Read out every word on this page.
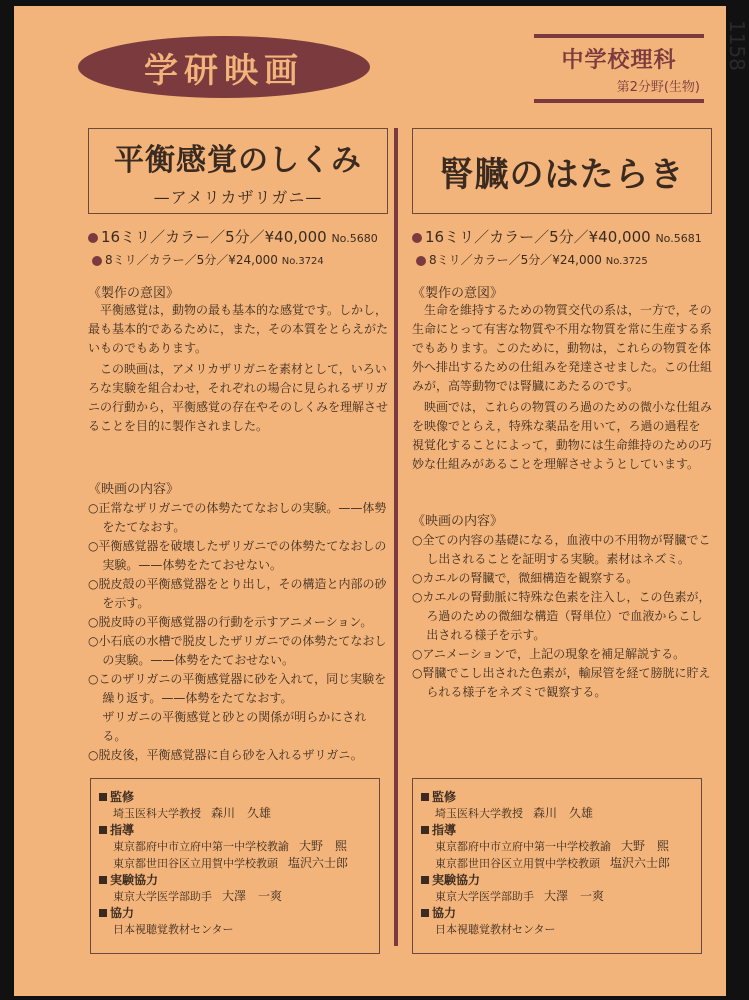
学研映画	中学校理科
第2分野(生物)
1158
平衡感覚のしくみ
—アメリカザリガニ—
16ミリ／カラー／5分／¥40,000 No.5680
8ミリ／カラー／5分／¥24,000 No.3724
《製作の意図》

平衡感覚は，動物の最も基本的な感覚です。しかし，最も基本的であるために，また，その本質をとらえがたいものでもあります。

この映画は，アメリカザリガニを素材として，いろいろな実験を組合わせ，それぞれの場合に見られるザリガニの行動から，平衡感覚の存在やそのしくみを理解させることを目的に製作されました。

《映画の内容》
○正常なザリガニでの体勢たてなおしの実験。——体勢をたてなおす。
○平衡感覚器を破壊したザリガニでの体勢たてなおしの実験。——体勢をたておせない。
○脱皮殻の平衡感覚器をとり出し，その構造と内部の砂を示す。
○脱皮時の平衡感覚器の行動を示すアニメーション。
○小石底の水槽で脱皮したザリガニでの体勢たてなおしの実験。——体勢をたておせない。
○このザリガニの平衡感覚器に砂を入れて，同じ実験を繰り返す。——体勢をたてなおす。
ザリガニの平衡感覚と砂との関係が明らかにされる。
○脱皮後，平衡感覚器に自ら砂を入れるザリガニ。
腎臓のはたらき
16ミリ／カラー／5分／¥40,000 No.5681
8ミリ／カラー／5分／¥24,000 No.3725
《製作の意図》

生命を維持するための物質交代の系は，一方で，その生命にとって有害な物質や不用な物質を常に生産する系でもあります。このために，動物は，これらの物質を体外へ排出するための仕組みを発達させました。この仕組みが，高等動物では腎臓にあたるのです。

映画では，これらの物質のろ過のための微小な仕組みを映像でとらえ，特殊な薬品を用いて，ろ過の過程を視覚化することによって，動物には生命維持のための巧妙な仕組みがあることを理解させようとしています。

《映画の内容》
○全ての内容の基礎になる，血液中の不用物が腎臓でこし出されることを証明する実験。素材はネズミ。
○カエルの腎臓で，微細構造を観察する。
○カエルの腎動脈に特殊な色素を注入し，この色素が，ろ過のための微細な構造（腎単位）で血液からこし出される様子を示す。
○アニメーションで，上記の現象を補足解説する。
○腎臓でこし出された色素が，輸尿管を経て膀胱に貯えられる様子をネズミで観察する。
監修
埼玉医科大学教授 森川　久雄
指導
東京都府中市立府中第一中学校教諭 大野　熙
東京都世田谷区立用賀中学校教頭 塩沢六士郎
実験協力
東京大学医学部助手 大澤　一爽
協力
日本視聴覚教材センター
監修
埼玉医科大学教授 森川　久雄
指導
東京都府中市立府中第一中学校教諭 大野　熙
東京都世田谷区立用賀中学校教頭 塩沢六士郎
実験協力
東京大学医学部助手 大澤　一爽
協力
日本視聴覚教材センター
